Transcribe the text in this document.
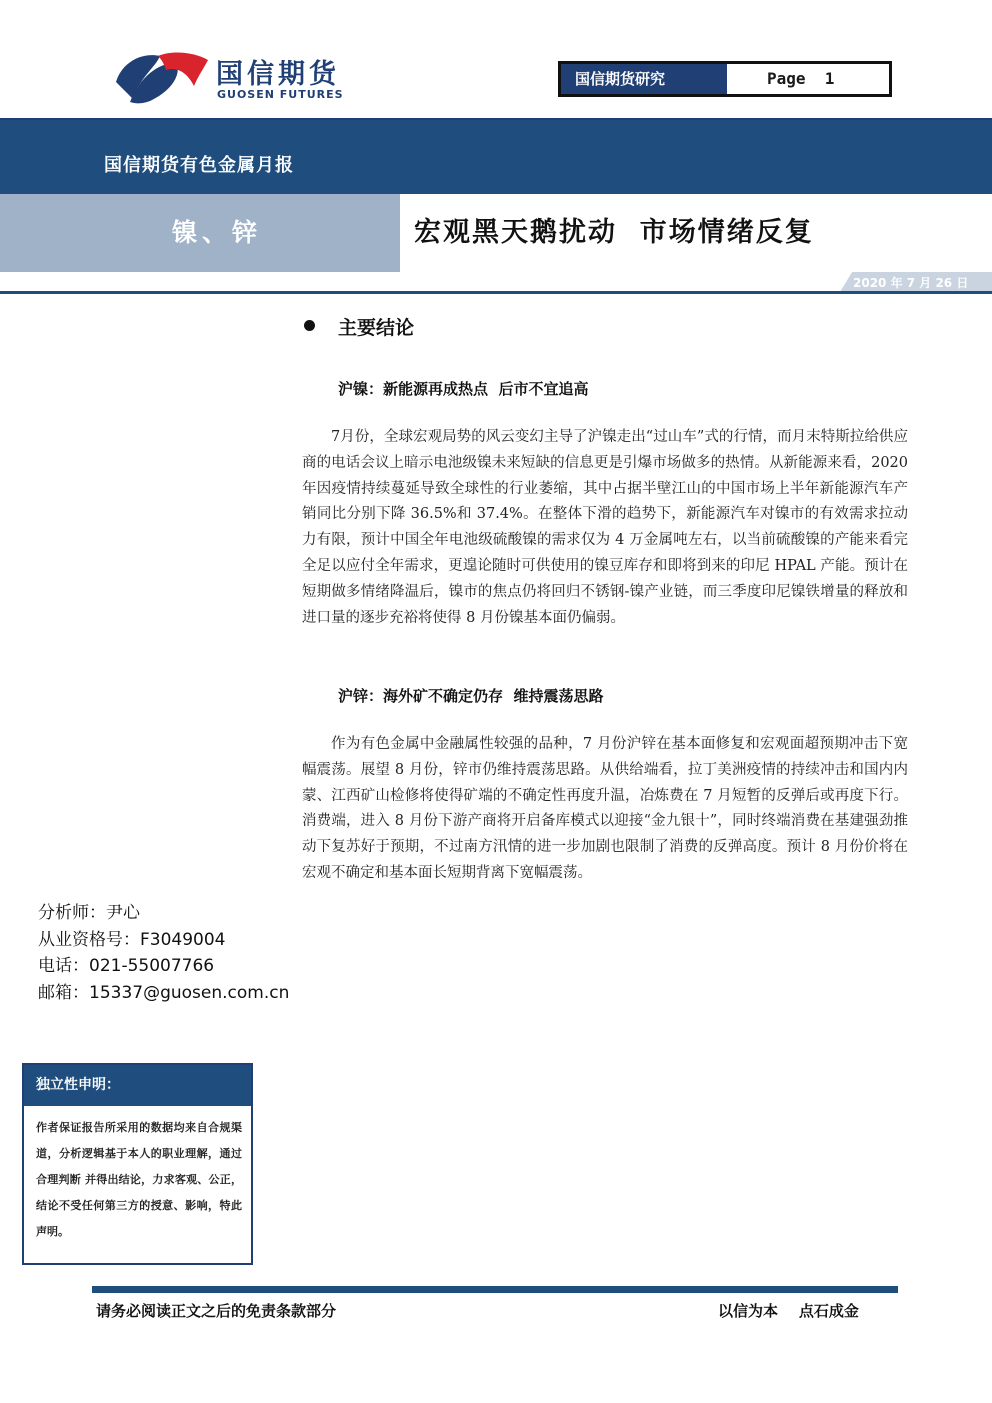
国信期货
GUOSEN FUTURES
国信期货研究	Page  1
国信期货有色金属月报
镍、锌	宏观黑天鹅扰动  市场情绪反复
2020 年 7 月 26 日
主要结论
沪镍：新能源再成热点  后市不宜追高
7月份，全球宏观局势的风云变幻主导了沪镍走出“过山车”式的行情，而月末特斯拉给供应商的电话会议上暗示电池级镍未来短缺的信息更是引爆市场做多的热情。从新能源来看，2020 年因疫情持续蔓延导致全球性的行业萎缩，其中占据半壁江山的中国市场上半年新能源汽车产销同比分别下降 36.5%和 37.4%。在整体下滑的趋势下，新能源汽车对镍市的有效需求拉动力有限，预计中国全年电池级硫酸镍的需求仅为 4 万金属吨左右，以当前硫酸镍的产能来看完全足以应付全年需求，更遑论随时可供使用的镍豆库存和即将到来的印尼 HPAL 产能。预计在短期做多情绪降温后，镍市的焦点仍将回归不锈钢-镍产业链，而三季度印尼镍铁增量的释放和进口量的逐步充裕将使得 8 月份镍基本面仍偏弱。
沪锌：海外矿不确定仍存  维持震荡思路
作为有色金属中金融属性较强的品种，7 月份沪锌在基本面修复和宏观面超预期冲击下宽幅震荡。展望 8 月份，锌市仍维持震荡思路。从供给端看，拉丁美洲疫情的持续冲击和国内内蒙、江西矿山检修将使得矿端的不确定性再度升温，冶炼费在 7 月短暂的反弹后或再度下行。消费端，进入 8 月份下游产商将开启备库模式以迎接“金九银十”，同时终端消费在基建强劲推动下复苏好于预期，不过南方汛情的进一步加剧也限制了消费的反弹高度。预计 8 月份价将在宏观不确定和基本面长短期背离下宽幅震荡。
分析师：尹心
从业资格号：F3049004
电话：021-55007766
邮箱：15337@guosen.com.cn
独立性申明：
作者保证报告所采用的数据均来自合规渠道，分析逻辑基于本人的职业理解，通过合理判断 并得出结论，力求客观、公正，结论不受任何第三方的授意、影响，特此声明。
请务必阅读正文之后的免责条款部分	以信为本    点石成金
